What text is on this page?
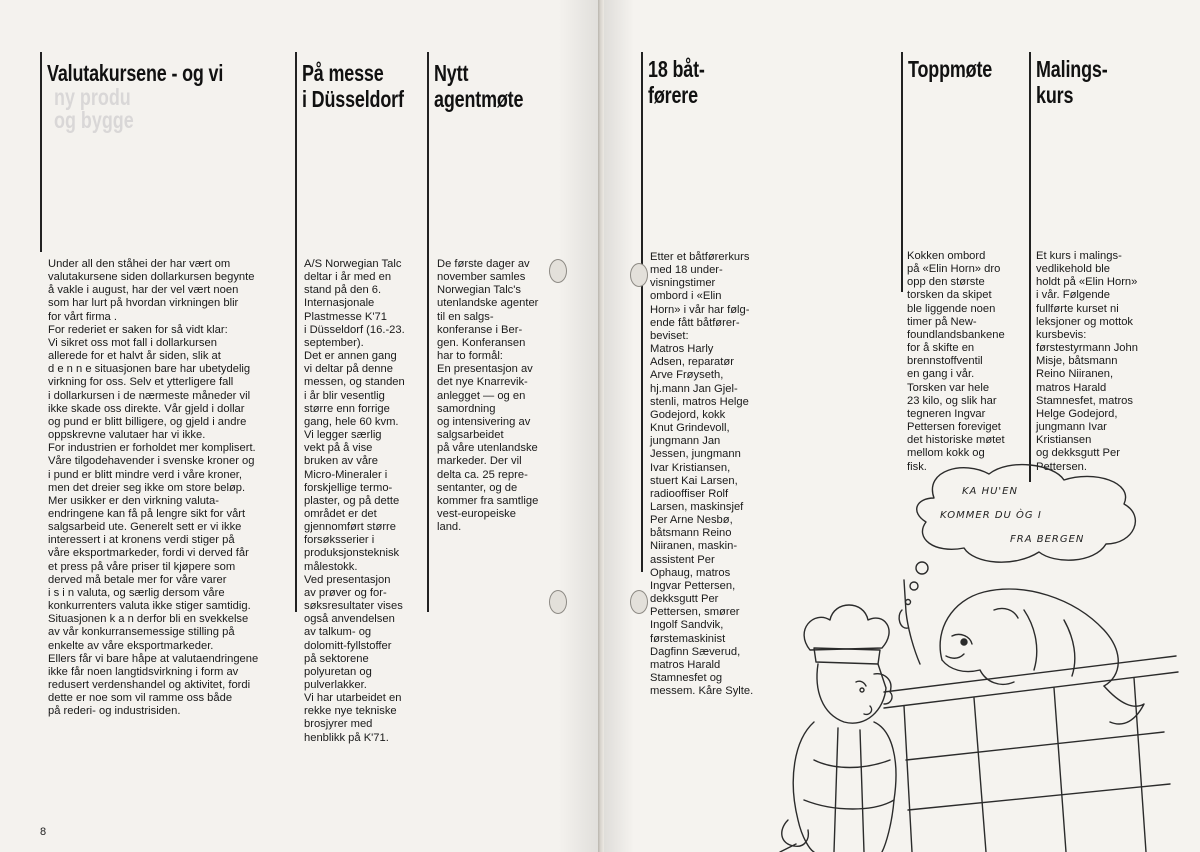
ny produ
og bygge
Valutakursene - og vi	På messe
i Düsseldorf
Nytt
agentmøte

Under all den ståhei der har vært om
valutakursene siden dollarkursen begynte
å vakle i august, har der vel vært noen
som har lurt på hvordan virkningen blir
for vårt firma .
For rederiet er saken for så vidt klar:
Vi sikret oss mot fall i dollarkursen
allerede for et halvt år siden, slik at
d e n n e situasjonen bare har ubetydelig
virkning for oss. Selv et ytterligere fall
i dollarkursen i de nærmeste måneder vil
ikke skade oss direkte. Vår gjeld i dollar
og pund er blitt billigere, og gjeld i andre
oppskrevne valutaer har vi ikke.
For industrien er forholdet mer komplisert.
Våre tilgodehavender i svenske kroner og
i pund er blitt mindre verd i våre kroner,
men det dreier seg ikke om store beløp.
Mer usikker er den virkning valuta-
endringene kan få på lengre sikt for vårt
salgsarbeid ute. Generelt sett er vi ikke
interessert i at kronens verdi stiger på
våre eksportmarkeder, fordi vi derved får
et press på våre priser til kjøpere som
derved må betale mer for våre varer
i s i n valuta, og særlig dersom våre
konkurrenters valuta ikke stiger samtidig.
Situasjonen k a n derfor bli en svekkelse
av vår konkurransemessige stilling på
enkelte av våre eksportmarkeder.
Ellers får vi bare håpe at valutaendringene
ikke får noen langtidsvirkning i form av
redusert verdenshandel og aktivitet, fordi
dette er noe som vil ramme oss både
på rederi- og industrisiden.

A/S Norwegian Talc
deltar i år med en
stand på den 6.
Internasjonale
Plastmesse K'71
i Düsseldorf (16.-23.
september).
Det er annen gang
vi deltar på denne
messen, og standen
i år blir vesentlig
større enn forrige
gang, hele 60 kvm.
Vi legger særlig
vekt på å vise
bruken av våre
Micro-Mineraler i
forskjellige termo-
plaster, og på dette
området er det
gjennomført større
forsøksserier i
produksjonsteknisk
målestokk.
Ved presentasjon
av prøver og for-
søksresultater vises
også anvendelsen
av talkum- og
dolomitt-fyllstoffer
på sektorene
polyuretan og
pulverlakker.
Vi har utarbeidet en
rekke nye tekniske
brosjyrer med
henblikk på K'71.

De første dager av
november samles
Norwegian Talc's
utenlandske agenter
til en salgs-
konferanse i Ber-
gen. Konferansen
har to formål:
En presentasjon av
det nye Knarrevik-
anlegget — og en
samordning
og intensivering av
salgsarbeidet
på våre utenlandske
markeder. Der vil
delta ca. 25 repre-
sentanter, og de
kommer fra samtlige
vest-europeiske
land.

8
18 båt-
førere
Toppmøte Malings-
kurs

Etter et båtførerkurs
med 18 under-
visningstimer
ombord i «Elin
Horn» i vår har følg-
ende fått båtfører-
beviset:
Matros Harly
Adsen, reparatør
Arve Frøyseth,
hj.mann Jan Gjel-
stenli, matros Helge
Godejord, kokk
Knut Grindevoll,
jungmann Jan
Jessen, jungmann
Ivar Kristiansen,
stuert Kai Larsen,
radiooffiser Rolf
Larsen, maskinsjef
Per Arne Nesbø,
båtsmann Reino
Niiranen, maskin-
assistent Per
Ophaug, matros
Ingvar Pettersen,
dekksgutt Per
Pettersen, smører
Ingolf Sandvik,
førstemaskinist
Dagfinn Sæverud,
matros Harald
Stamnesfet og
messem. Kåre Sylte.

Kokken ombord
på «Elin Horn» dro
opp den største
torsken da skipet
ble liggende noen
timer på New-
foundlandsbankene
for å skifte en
brennstoffventil
en gang i vår.
Torsken var hele
23 kilo, og slik har
tegneren Ingvar
Pettersen foreviget
det historiske møtet
mellom kokk og
fisk.

Et kurs i malings-
vedlikehold ble
holdt på «Elin Horn»
i vår. Følgende
fullførte kurset ni
leksjoner og mottok
kursbevis:
førstestyrmann John
Misje, båtsmann
Reino Niiranen,
matros Harald
Stamnesfet, matros
Helge Godejord,
jungmann Ivar
Kristiansen
og dekksgutt Per
Pettersen.

KA HU'EN
KOMMER DU ÒG I
FRA BERGEN
